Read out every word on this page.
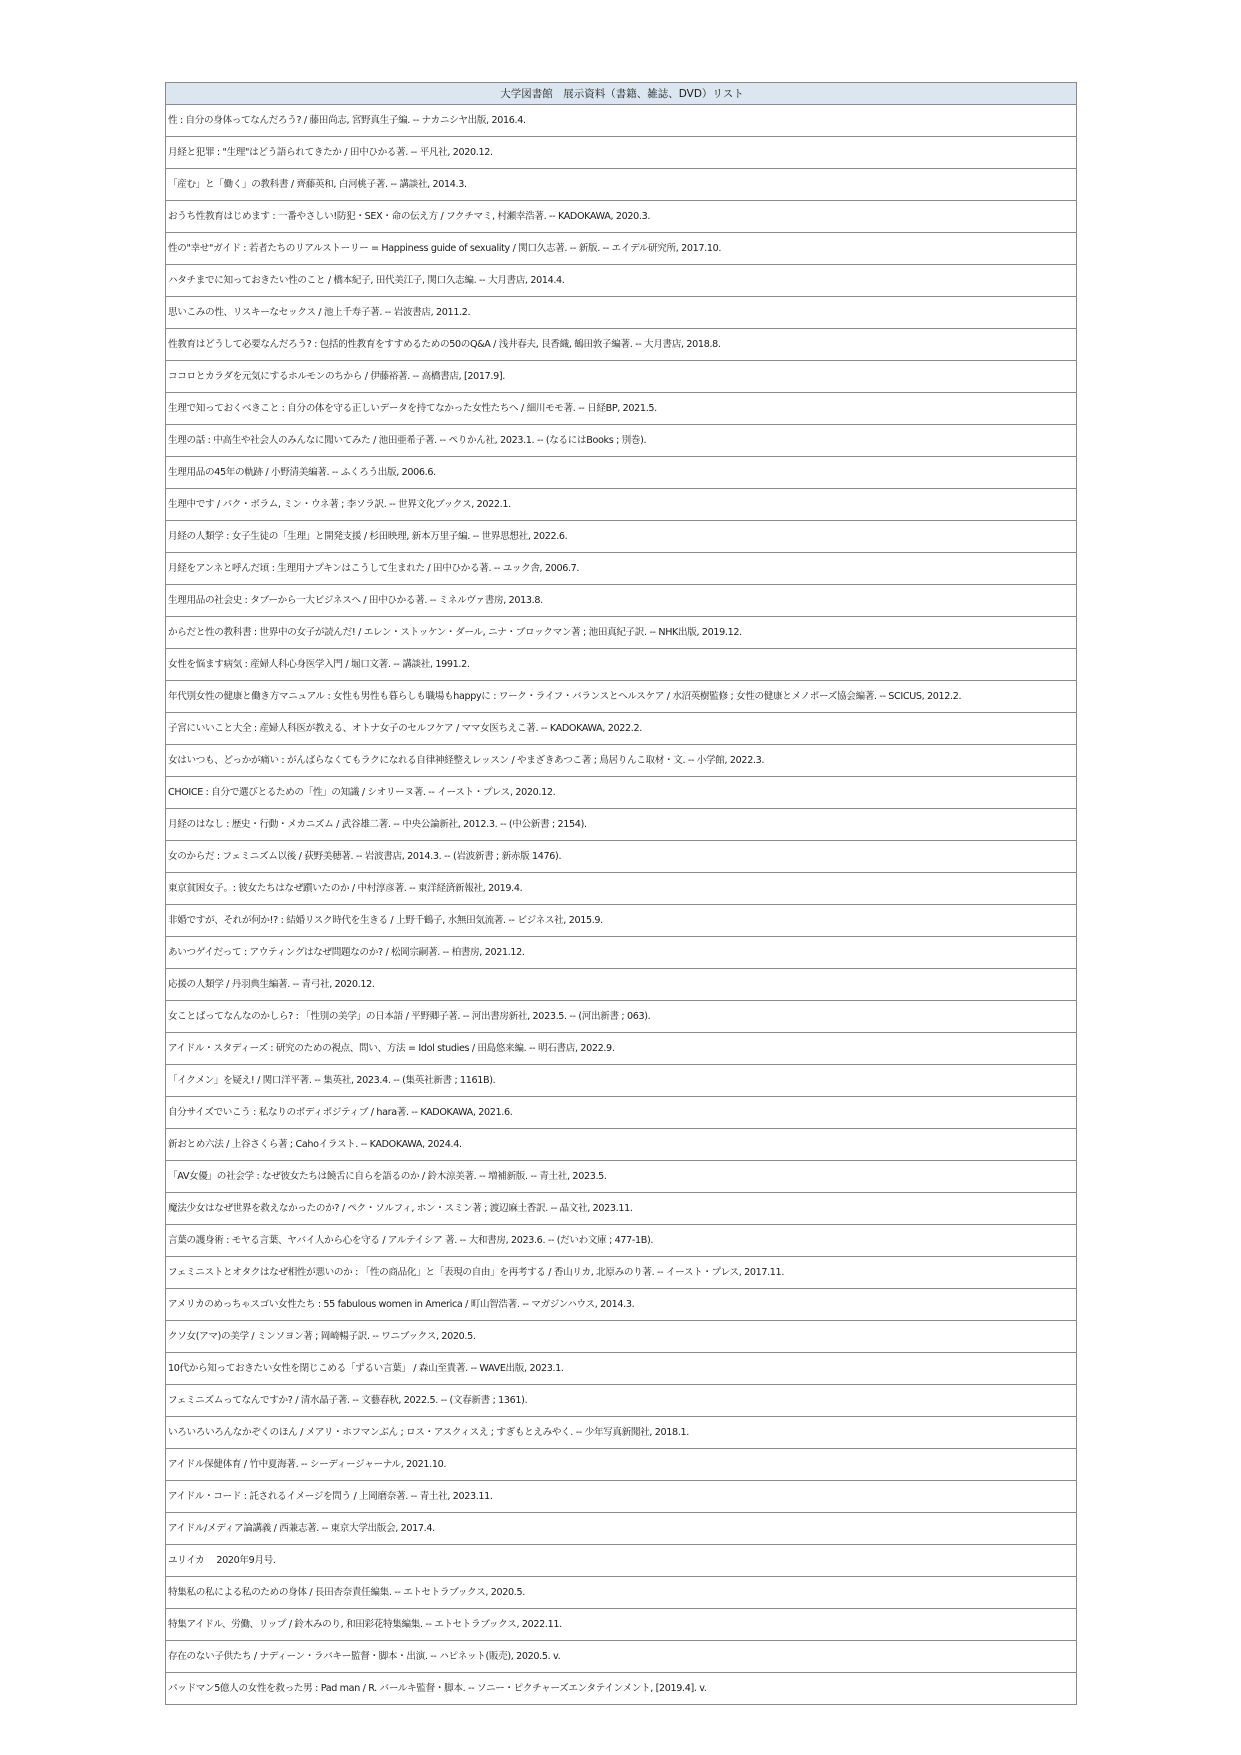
大学図書館　展示資料（書籍、雑誌、DVD）リスト
性 : 自分の身体ってなんだろう? / 藤田尚志, 宮野真生子編. -- ナカニシヤ出版, 2016.4.
月経と犯罪 : "生理"はどう語られてきたか / 田中ひかる著. -- 平凡社, 2020.12.
「産む」と「働く」の教科書 / 齊藤英和, 白河桃子著. -- 講談社, 2014.3.
おうち性教育はじめます : 一番やさしい!防犯・SEX・命の伝え方 / フクチマミ, 村瀬幸浩著. -- KADOKAWA, 2020.3.
性の"幸せ"ガイド : 若者たちのリアルストーリー = Happiness guide of sexuality / 関口久志著. -- 新版. -- エイデル研究所, 2017.10.
ハタチまでに知っておきたい性のこと / 橋本紀子, 田代美江子, 関口久志編. -- 大月書店, 2014.4.
思いこみの性、リスキーなセックス / 池上千寿子著. -- 岩波書店, 2011.2.
性教育はどうして必要なんだろう? : 包括的性教育をすすめるための50のQ&A / 浅井春夫, 艮香織, 鶴田敦子編著. -- 大月書店, 2018.8.
ココロとカラダを元気にするホルモンのちから / 伊藤裕著. -- 高橋書店, [2017.9].
生理で知っておくべきこと : 自分の体を守る正しいデータを持てなかった女性たちへ / 細川モモ著. -- 日経BP, 2021.5.
生理の話 : 中高生や社会人のみんなに聞いてみた / 池田亜希子著. -- ぺりかん社, 2023.1. -- (なるにはBooks ; 別巻).
生理用品の45年の軌跡 / 小野清美編著. -- ふくろう出版, 2006.6.
生理中です / パク・ボラム, ミン・ウネ著 ; 李ソラ訳. -- 世界文化ブックス, 2022.1.
月経の人類学 : 女子生徒の「生理」と開発支援 / 杉田映理, 新本万里子編. -- 世界思想社, 2022.6.
月経をアンネと呼んだ頃 : 生理用ナプキンはこうして生まれた / 田中ひかる著. -- ユック舎, 2006.7.
生理用品の社会史 : タブーから一大ビジネスへ / 田中ひかる著. -- ミネルヴァ書房, 2013.8.
からだと性の教科書 : 世界中の女子が読んだ! / エレン・ストッケン・ダール, ニナ・ブロックマン著 ; 池田真紀子訳. -- NHK出版, 2019.12.
女性を悩ます病気 : 産婦人科心身医学入門 / 堀口文著. -- 講談社, 1991.2.
年代別女性の健康と働き方マニュアル : 女性も男性も暮らしも職場もhappyに : ワーク・ライフ・バランスとヘルスケア / 水沼英樹監修 ; 女性の健康とメノポーズ協会編著. -- SCICUS, 2012.2.
子宮にいいこと大全 : 産婦人科医が教える、オトナ女子のセルフケア / ママ女医ちえこ著. -- KADOKAWA, 2022.2.
女はいつも、どっかが痛い : がんばらなくてもラクになれる自律神経整えレッスン / やまざきあつこ著 ; 鳥居りんこ取材・文. -- 小学館, 2022.3.
CHOICE : 自分で選びとるための「性」の知識 / シオリーヌ著. -- イースト・プレス, 2020.12.
月経のはなし : 歴史・行動・メカニズム / 武谷雄二著. -- 中央公論新社, 2012.3. -- (中公新書 ; 2154).
女のからだ : フェミニズム以後 / 荻野美穂著. -- 岩波書店, 2014.3. -- (岩波新書 ; 新赤版 1476).
東京貧困女子。: 彼女たちはなぜ躓いたのか / 中村淳彦著. -- 東洋経済新報社, 2019.4.
非婚ですが、それが何か!? : 結婚リスク時代を生きる / 上野千鶴子, 水無田気流著. -- ビジネス社, 2015.9.
あいつゲイだって : アウティングはなぜ問題なのか? / 松岡宗嗣著. -- 柏書房, 2021.12.
応援の人類学 / 丹羽典生編著. -- 青弓社, 2020.12.
女ことばってなんなのかしら? : 「性別の美学」の日本語 / 平野卿子著. -- 河出書房新社, 2023.5. -- (河出新書 ; 063).
アイドル・スタディーズ : 研究のための視点、問い、方法 = Idol studies / 田島悠来編. -- 明石書店, 2022.9.
「イクメン」を疑え! / 関口洋平著. -- 集英社, 2023.4. -- (集英社新書 ; 1161B).
自分サイズでいこう : 私なりのボディポジティブ / hara著. -- KADOKAWA, 2021.6.
新おとめ六法 / 上谷さくら著 ; Cahoイラスト. -- KADOKAWA, 2024.4.
「AV女優」の社会学 : なぜ彼女たちは饒舌に自らを語るのか / 鈴木涼美著. -- 増補新版. -- 青土社, 2023.5.
魔法少女はなぜ世界を救えなかったのか? / ペク・ソルフィ, ホン・スミン著 ; 渡辺麻土香訳. -- 晶文社, 2023.11.
言葉の護身術 : モヤる言葉、ヤバイ人から心を守る / アルテイシア 著. -- 大和書房, 2023.6. -- (だいわ文庫 ; 477-1B).
フェミニストとオタクはなぜ相性が悪いのか : 「性の商品化」と「表現の自由」を再考する / 香山リカ, 北原みのり著. -- イースト・プレス, 2017.11.
アメリカのめっちゃスゴい女性たち : 55 fabulous women in America / 町山智浩著. -- マガジンハウス, 2014.3.
クソ女(アマ)の美学 / ミンソヨン著 ; 岡崎暢子訳. -- ワニブックス, 2020.5.
10代から知っておきたい女性を閉じこめる「ずるい言葉」 / 森山至貴著. -- WAVE出版, 2023.1.
フェミニズムってなんですか? / 清水晶子著. -- 文藝春秋, 2022.5. -- (文春新書 ; 1361).
いろいろいろんなかぞくのほん / メアリ・ホフマンぶん ; ロス・アスクィスえ ; すぎもとえみやく. -- 少年写真新聞社, 2018.1.
アイドル保健体育 / 竹中夏海著. -- シーディージャーナル, 2021.10.
アイドル・コード : 託されるイメージを問う / 上岡磨奈著. -- 青土社, 2023.11.
アイドル/メディア論講義 / 西兼志著. -- 東京大学出版会, 2017.4.
ユリイカ　 2020年9月号.
特集私の私による私のための身体 / 長田杏奈責任編集. -- エトセトラブックス, 2020.5.
特集アイドル、労働、リップ / 鈴木みのり, 和田彩花特集編集. -- エトセトラブックス, 2022.11.
存在のない子供たち / ナディーン・ラバキー監督・脚本・出演. -- ハピネット(販売), 2020.5. v.
パッドマン5億人の女性を救った男 : Pad man / R. バールキ監督・脚本. -- ソニー・ピクチャーズエンタテインメント, [2019.4]. v.
